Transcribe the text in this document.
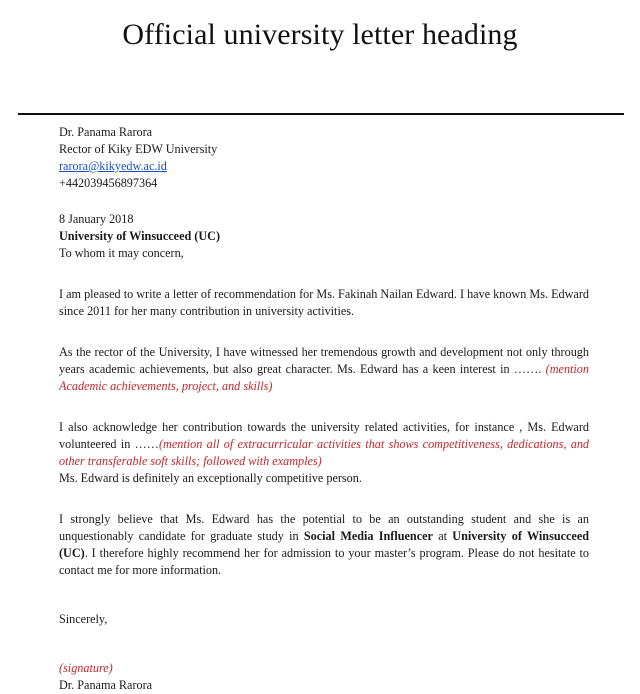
Official university letter heading

Dr. Panama Rarora

Rector of Kiky EDW University

rarora@kikyedw.ac.id

+442039456897364

8 January 2018

University of Winsucceed (UC)

To whom it may concern,

I am pleased to write a letter of recommendation for Ms. Fakinah Nailan Edward. I have known Ms. Edward since 2011 for her many contribution in university activities.

As the rector of the University, I have witnessed her tremendous growth and development not only through years academic achievements, but also great character. Ms. Edward has a keen interest in ……. (mention Academic achievements, project, and skills)

I also acknowledge her contribution towards the university related activities, for instance , Ms. Edward volunteered in ……(mention all of extracurricular activities that shows competitiveness, dedications, and other transferable soft skills; followed with examples)

Ms. Edward is definitely an exceptionally competitive person.

I strongly believe that Ms. Edward has the potential to be an outstanding student and she is an unquestionably candidate for graduate study in Social Media Influencer at University of Winsucceed (UC). I therefore highly recommend her for admission to your master’s program. Please do not hesitate to contact me for more information.

Sincerely,

(signature)

Dr. Panama Rarora
